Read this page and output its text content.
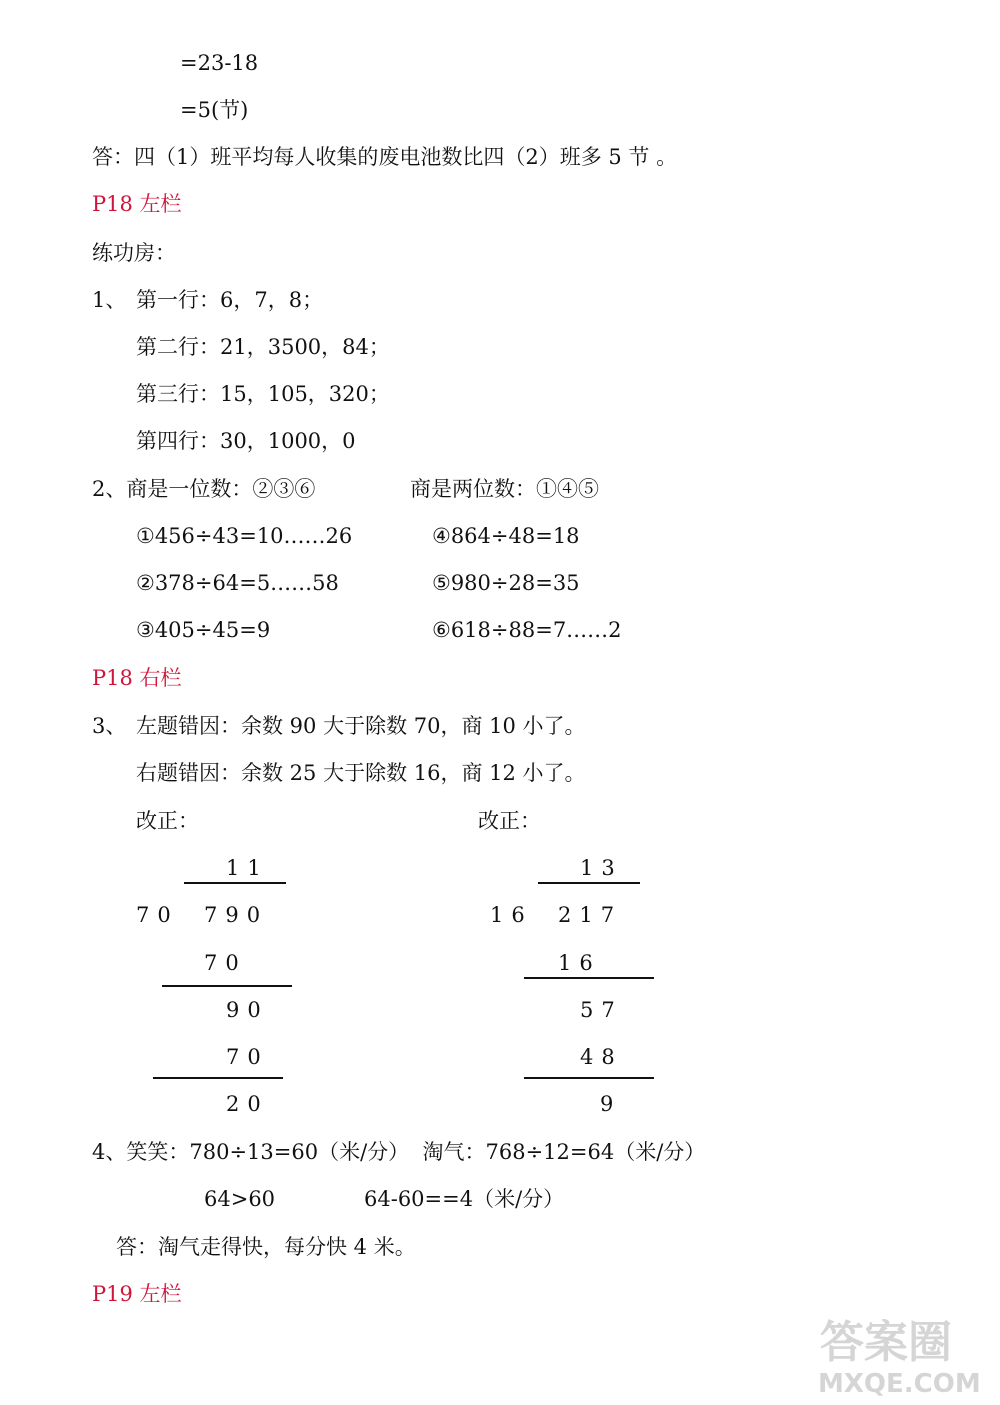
=23-18
=5(节)
答：四（1）班平均每人收集的废电池数比四（2）班多 5 节 。
P18 左栏
练功房：
1、 第一行：6，7，8；
第二行：21，3500，84；
第三行：15，105，320；
第四行：30，1000，0
2、商是一位数：②③⑥	商是两位数：①④⑤
①456÷43=10……26	④864÷48=18
②378÷64=5……58	⑤980÷28=35
③405÷45=9	⑥618÷88=7……2
P18 右栏
3、 左题错因：余数 90 大于除数 70，商 10 小了。
右题错因：余数 25 大于除数 16，商 12 小了。
改正：	改正：
11
70 790
70
90
70
20
13
16 217
16
57
48
9
4、笑笑：780÷13=60（米/分）  淘气：768÷12=64（米/分）
64>60	64-60==4（米/分）
答：淘气走得快，每分快 4 米。
P19 左栏
答案圈
MXQE.COM
